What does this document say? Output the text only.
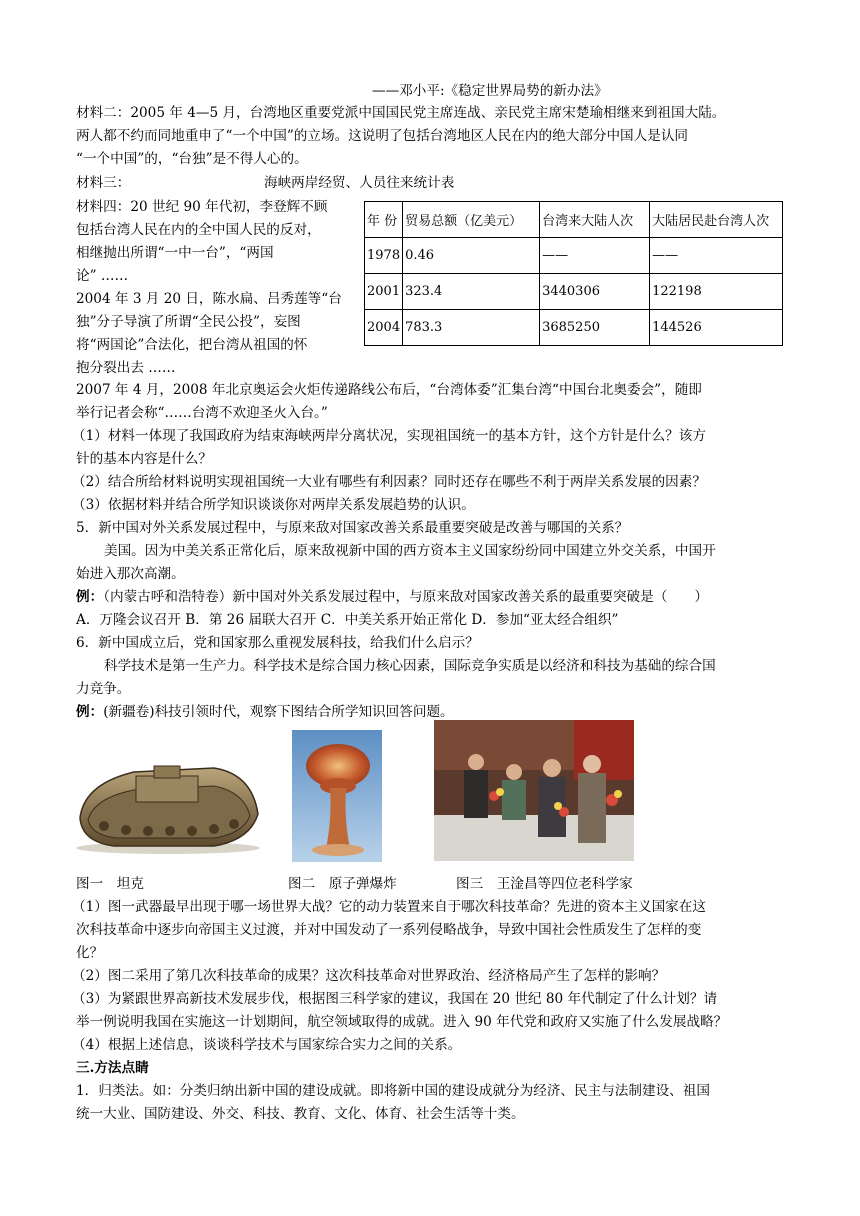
——邓小平:《稳定世界局势的新办法》
材料二：2005 年 4—5 月，台湾地区重要党派中国国民党主席连战、亲民党主席宋楚瑜相继来到祖国大陆。
两人都不约而同地重申了“一个中国”的立场。这说明了包括台湾地区人民在内的绝大部分中国人是认同
“一个中国”的，“台独”是不得人心的。
材料三：	海峡两岸经贸、人员往来统计表
材料四：20 世纪 90 年代初，李登辉不顾
包括台湾人民在内的全中国人民的反对，
相继抛出所谓“一中一台”，“两国
论” ……
2004 年 3 月 20 日，陈水扁、吕秀莲等“台
独”分子导演了所谓“全民公投”，妄图
将“两国论”合法化，把台湾从祖国的怀
抱分裂出去 ……
年 份	贸易总额（亿美元）	台湾来大陆人次	大陆居民赴台湾人次
1978	0.46	——	——
2001	323.4	3440306	122198
2004	783.3	3685250	144526
2007 年 4 月，2008 年北京奥运会火炬传递路线公布后，“台湾体委”汇集台湾“中国台北奥委会”，随即
举行记者会称“……台湾不欢迎圣火入台。”
（1）材料一体现了我国政府为结束海峡两岸分离状况，实现祖国统一的基本方针，这个方针是什么？该方
针的基本内容是什么？
（2）结合所给材料说明实现祖国统一大业有哪些有利因素？同时还存在哪些不利于两岸关系发展的因素？
（3）依据材料并结合所学知识谈谈你对两岸关系发展趋势的认识。
5．新中国对外关系发展过程中，与原来敌对国家改善关系最重要突破是改善与哪国的关系？
美国。因为中美关系正常化后，原来敌视新中国的西方资本主义国家纷纷同中国建立外交关系，中国开
始进入那次高潮。
例：（内蒙古呼和浩特卷）新中国对外关系发展过程中，与原来敌对国家改善关系的最重要突破是（　　）
A．万隆会议召开 B．第 26 届联大召开 C．中美关系开始正常化 D．参加“亚太经合组织”
6．新中国成立后，党和国家那么重视发展科技，给我们什么启示？
科学技术是第一生产力。科学技术是综合国力核心因素，国际竞争实质是以经济和科技为基础的综合国
力竞争。
例：(新疆卷)科技引领时代，观察下图结合所学知识回答问题。
图一　坦克	图二　原子弹爆炸	图三　王淦昌等四位老科学家
（1）图一武器最早出现于哪一场世界大战？它的动力装置来自于哪次科技革命？先进的资本主义国家在这
次科技革命中逐步向帝国主义过渡，并对中国发动了一系列侵略战争，导致中国社会性质发生了怎样的变
化？
（2）图二采用了第几次科技革命的成果？这次科技革命对世界政治、经济格局产生了怎样的影响？
（3）为紧跟世界高新技术发展步伐，根据图三科学家的建议，我国在 20 世纪 80 年代制定了什么计划？请
举一例说明我国在实施这一计划期间，航空领域取得的成就。进入 90 年代党和政府又实施了什么发展战略？
（4）根据上述信息，谈谈科学技术与国家综合实力之间的关系。
三.方法点睛
1．归类法。如：分类归纳出新中国的建设成就。即将新中国的建设成就分为经济、民主与法制建设、祖国
统一大业、国防建设、外交、科技、教育、文化、体育、社会生活等十类。
